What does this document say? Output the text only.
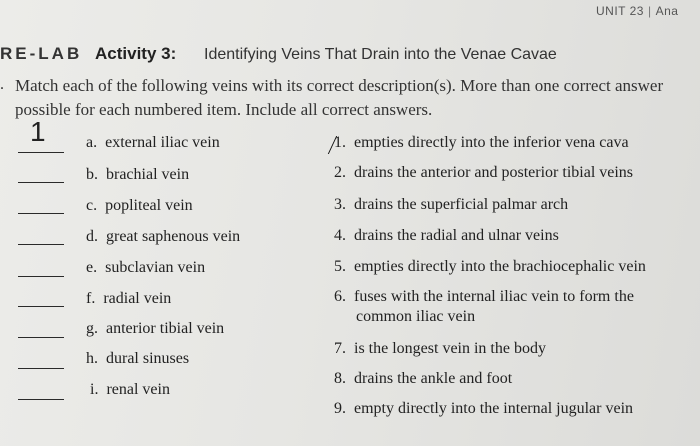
UNIT 23 | Ana
RE-LAB Activity 3: Identifying Veins That Drain into the Venae Cavae
. Match each of the following veins with its correct description(s). More than one correct answer
possible for each numbered item. Include all correct answers.
1	a. external iliac vein
b. brachial vein
c. popliteal vein
d. great saphenous vein
e. subclavian vein
f. radial vein
g. anterior tibial vein
h. dural sinuses
i. renal vein
1. empties directly into the inferior vena cava
2. drains the anterior and posterior tibial veins
3. drains the superficial palmar arch
4. drains the radial and ulnar veins
5. empties directly into the brachiocephalic vein
6. fuses with the internal iliac vein to form the
common iliac vein
7. is the longest vein in the body
8. drains the ankle and foot
9. empty directly into the internal jugular vein
